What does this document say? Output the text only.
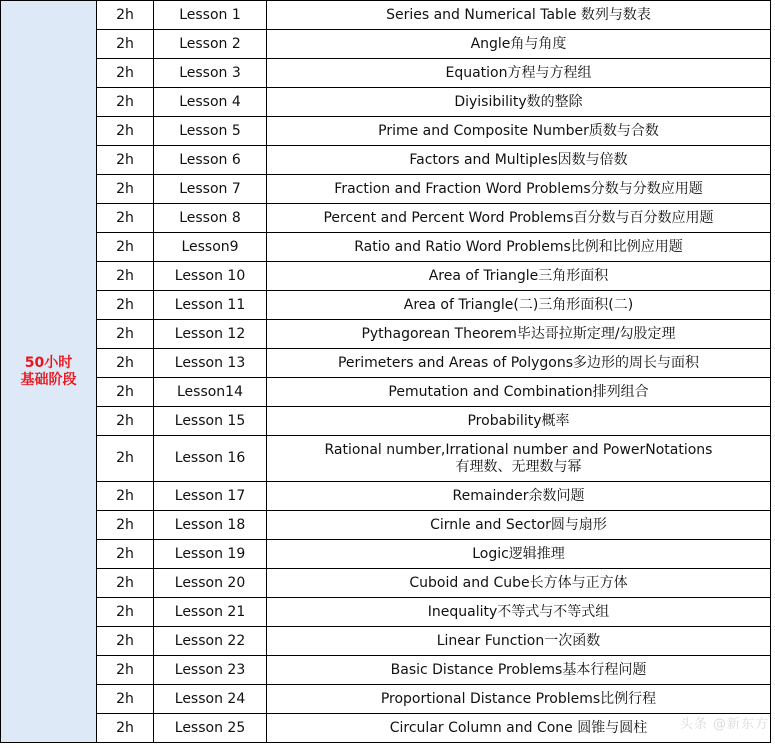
50小时
基础阶段	2h	Lesson 1	Series and Numerical Table 数列与数表
	2h	Lesson 2	Angle角与角度
	2h	Lesson 3	Equation方程与方程组
	2h	Lesson 4	Diyisibility数的整除
	2h	Lesson 5	Prime and Composite Number质数与合数
	2h	Lesson 6	Factors and Multiples因数与倍数
	2h	Lesson 7	Fraction and Fraction Word Problems分数与分数应用题
	2h	Lesson 8	Percent and Percent Word Problems百分数与百分数应用题
	2h	Lesson9	Ratio and Ratio Word Problems比例和比例应用题
	2h	Lesson 10	Area of Triangle三角形面积
	2h	Lesson 11	Area of Triangle(二)三角形面积(二)
	2h	Lesson 12	Pythagorean Theorem毕达哥拉斯定理/勾股定理
	2h	Lesson 13	Perimeters and Areas of Polygons多边形的周长与面积
	2h	Lesson14	Pemutation and Combination排列组合
	2h	Lesson 15	Probability概率
	2h	Lesson 16	Rational number,Irrational number and PowerNotations
有理数、无理数与幂

	2h	Lesson 17	Remainder余数问题
	2h	Lesson 18	Cirnle and Sector圆与扇形
	2h	Lesson 19	Logic逻辑推理
	2h	Lesson 20	Cuboid and Cube长方体与正方体
	2h	Lesson 21	Inequality不等式与不等式组
	2h	Lesson 22	Linear Function一次函数
	2h	Lesson 23	Basic Distance Problems基本行程问题
	2h	Lesson 24	Proportional Distance Problems比例行程
	2h	Lesson 25	Circular Column and Cone 圆锥与圆柱	头条 @新东方
